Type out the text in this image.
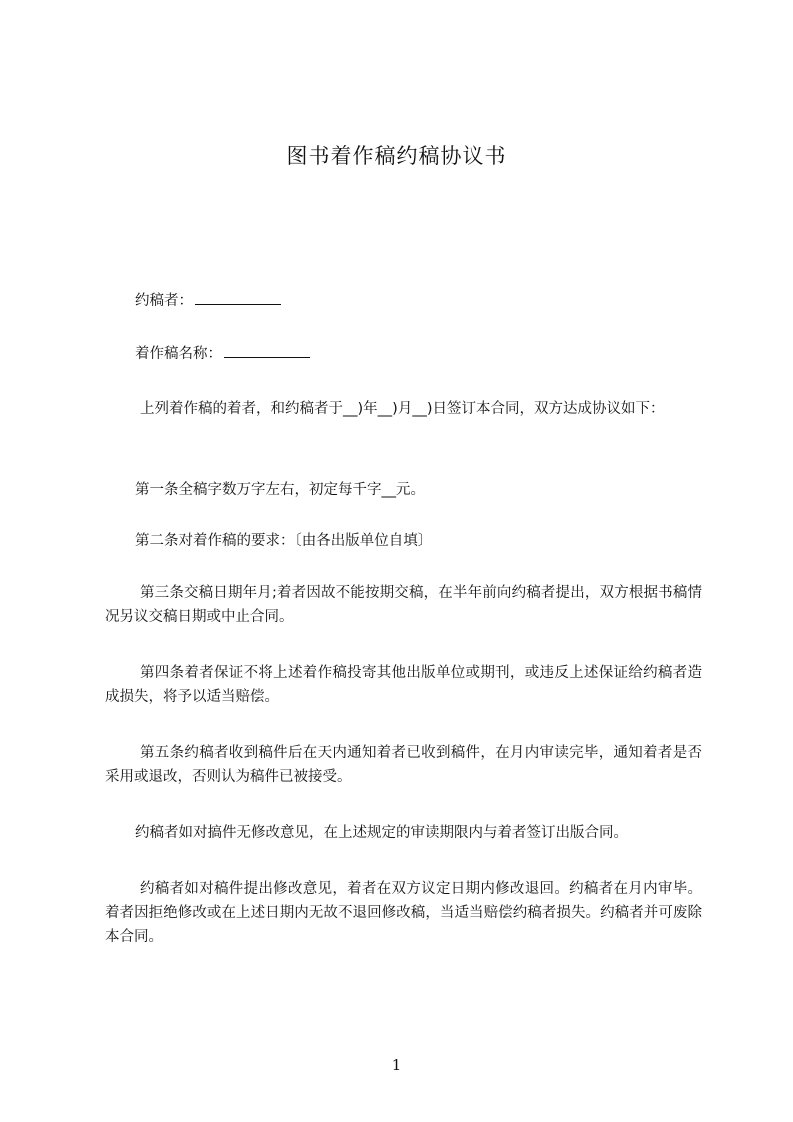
图书着作稿约稿协议书

约稿者：

着作稿名称：

上列着作稿的着者，和约稿者于__)年__)月__)日签订本合同，双方达成协议如下：

第一条全稿字数万字左右，初定每千字__元。

第二条对着作稿的要求：〔由各出版单位自填〕

第三条交稿日期年月;着者因故不能按期交稿，在半年前向约稿者提出，双方根据书稿情况另议交稿日期或中止合同。

第四条着者保证不将上述着作稿投寄其他出版单位或期刊，或违反上述保证给约稿者造成损失，将予以适当赔偿。

第五条约稿者收到稿件后在天内通知着者已收到稿件，在月内审读完毕，通知着者是否采用或退改，否则认为稿件已被接受。

约稿者如对搞件无修改意见，在上述规定的审读期限内与着者签订出版合同。

约稿者如对稿件提出修改意见，着者在双方议定日期内修改退回。约稿者在月内审毕。着者因拒绝修改或在上述日期内无故不退回修改稿，当适当赔偿约稿者损失。约稿者并可废除本合同。

1
